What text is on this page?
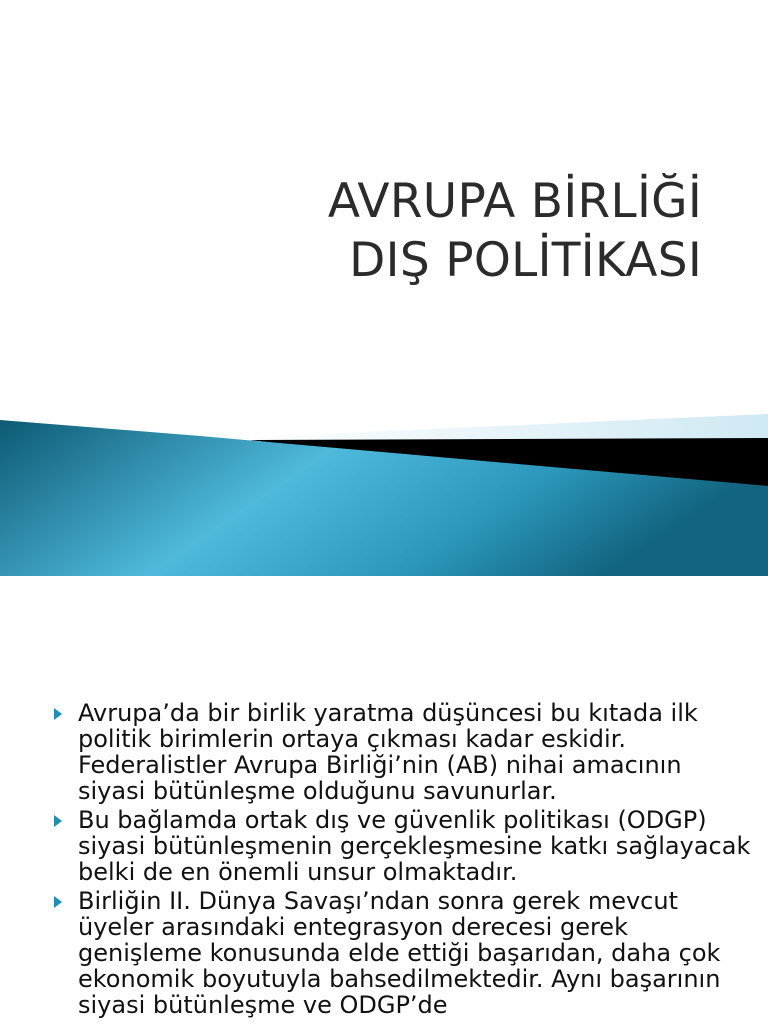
AVRUPA BİRLİĞİ
DIŞ POLİTİKASI
Avrupa’da bir birlik yaratma düşüncesi bu kıtada ilk politik birimlerin ortaya çıkması kadar eskidir. Federalistler Avrupa Birliği’nin (AB) nihai amacının siyasi bütünleşme olduğunu savunurlar.
Bu bağlamda ortak dış ve güvenlik politikası (ODGP) siyasi bütünleşmenin gerçekleşmesine katkı sağlayacak belki de en önemli unsur olmaktadır.
Birliğin II. Dünya Savaşı’ndan sonra gerek mevcut üyeler arasındaki entegrasyon derecesi gerek genişleme konusunda elde ettiği başarıdan, daha çok ekonomik boyutuyla bahsedilmektedir. Aynı başarının siyasi bütünleşme ve ODGP’de
